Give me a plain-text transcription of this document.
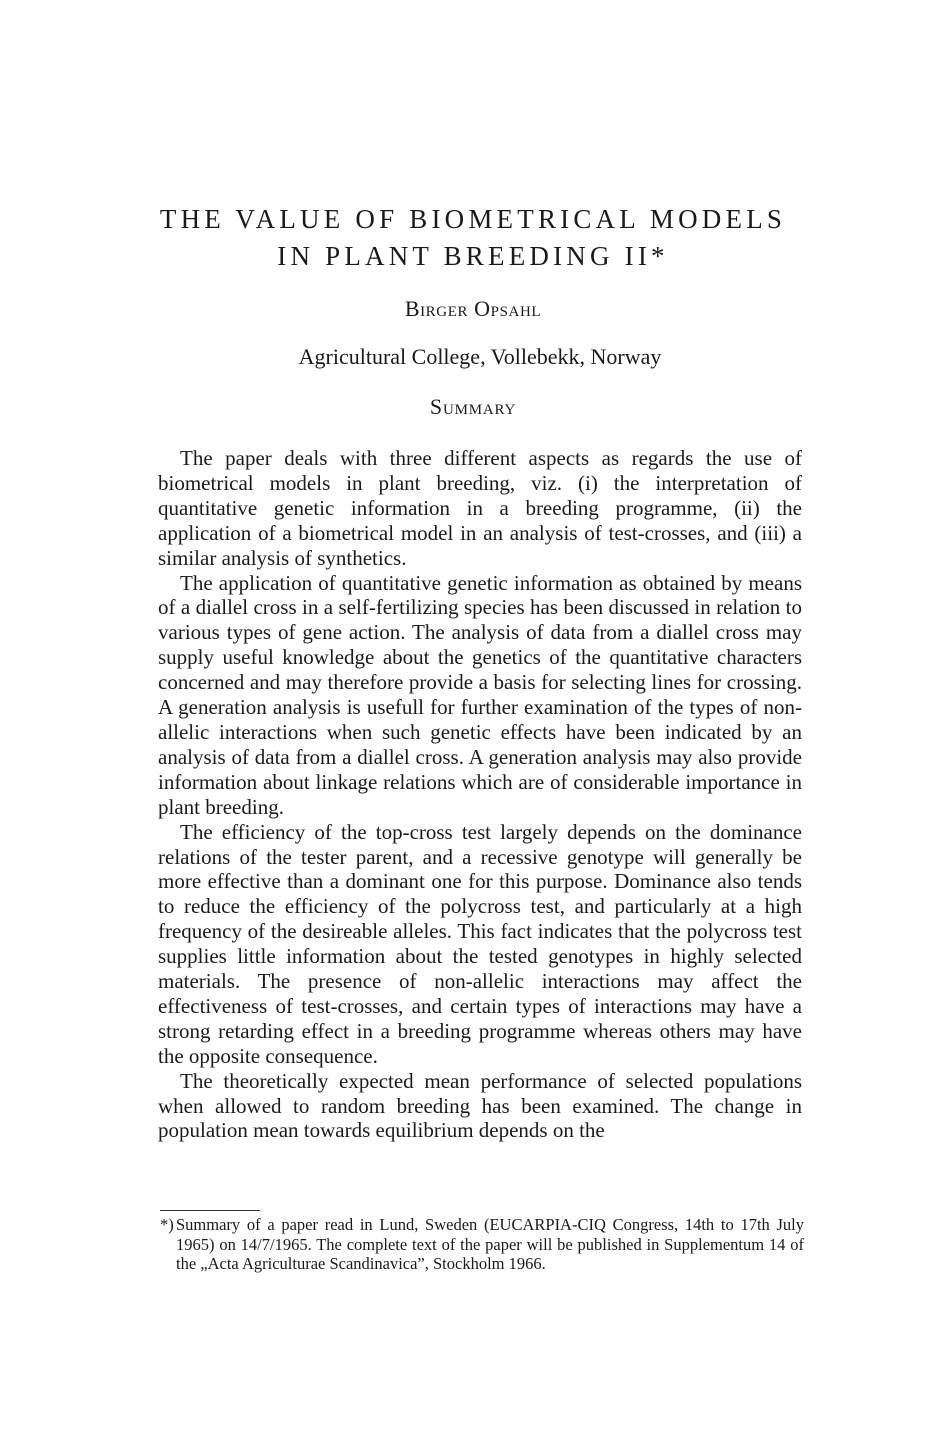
THE VALUE OF BIOMETRICAL MODELS
IN PLANT BREEDING II*
Birger Opsahl
Agricultural College, Vollebekk, Norway
Summary

The paper deals with three different aspects as regards the use of biometrical models in plant breeding, viz. (i) the interpretation of quantitative genetic information in a breeding programme, (ii) the application of a biometrical model in an analysis of test-crosses, and (iii) a similar analysis of synthetics.

The application of quantitative genetic information as obtained by means of a diallel cross in a self-fertilizing species has been discussed in relation to various types of gene action. The analysis of data from a diallel cross may supply useful knowledge about the genetics of the quantitative characters concerned and may therefore provide a basis for selecting lines for crossing. A generation analysis is usefull for further examination of the types of non-allelic interactions when such genetic effects have been indicated by an analysis of data from a diallel cross. A generation analysis may also provide information about linkage relations which are of considerable importance in plant breeding.

The efficiency of the top-cross test largely depends on the dominance relations of the tester parent, and a recessive genotype will generally be more effective than a dominant one for this purpose. Dominance also tends to reduce the efficiency of the polycross test, and particularly at a high frequency of the desireable alleles. This fact indicates that the polycross test supplies little information about the tested genotypes in highly selected materials. The presence of non-allelic interactions may affect the effectiveness of test-crosses, and certain types of interactions may have a strong retarding effect in a breeding programme whereas others may have the opposite consequence.

The theoretically expected mean performance of selected populations when allowed to random breeding has been examined. The change in population mean towards equilibrium depends on the

*) Summary of a paper read in Lund, Sweden (EUCARPIA-CIQ Congress, 14th to 17th July 1965) on 14/7/1965. The complete text of the paper will be published in Supplementum 14 of the „Acta Agriculturae Scandinavica”, Stockholm 1966.
